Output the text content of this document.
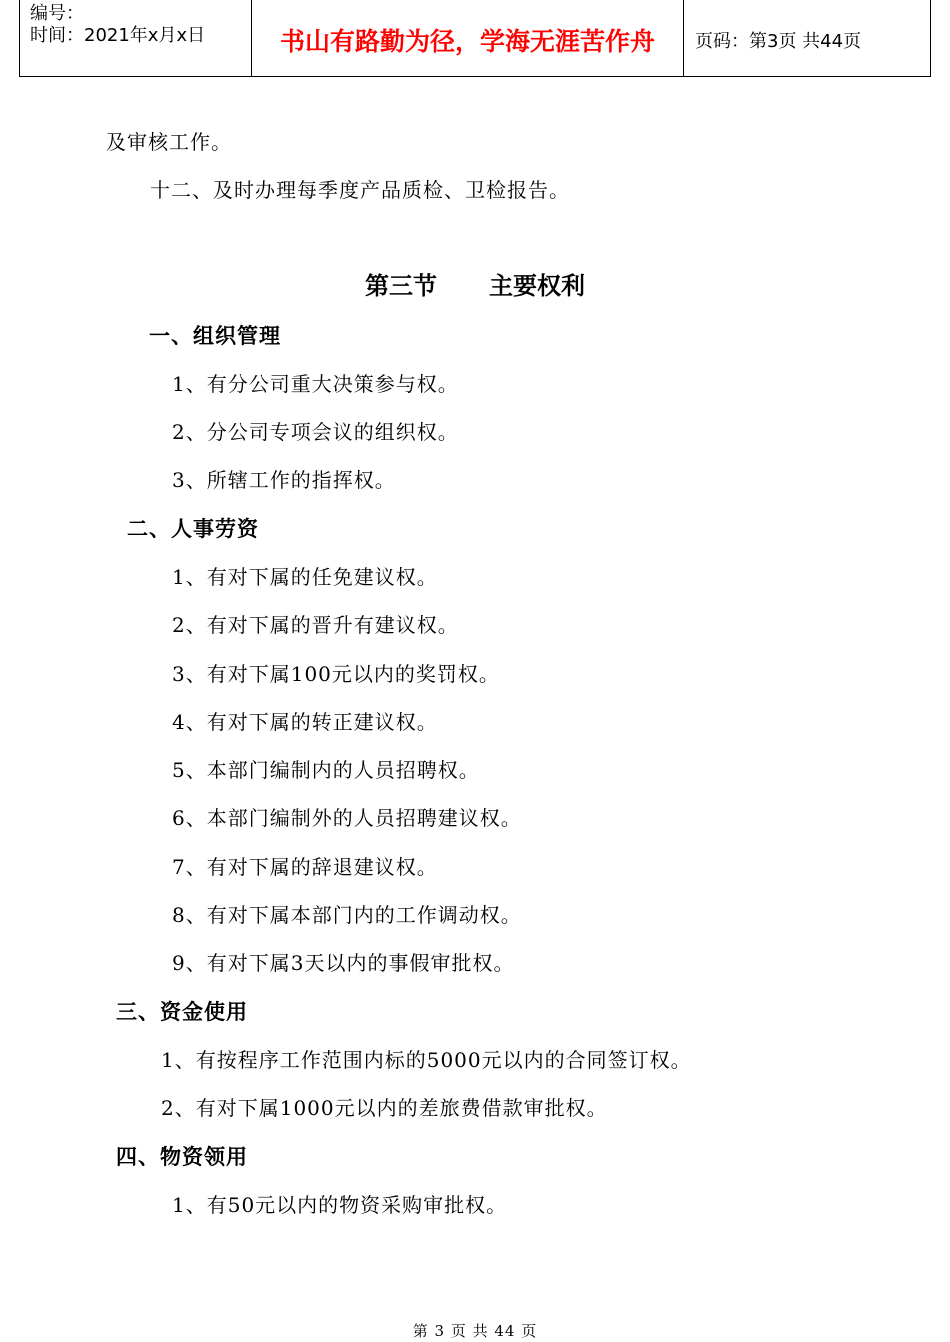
编号：
时间：2021年x月x日	书山有路勤为径，学海无涯苦作舟	页码：第3页 共44页
及审核工作。
十二、及时办理每季度产品质检、卫检报告。
第三节 主要权利
一、组织管理
1、有分公司重大决策参与权。
2、分公司专项会议的组织权。
3、所辖工作的指挥权。
二、人事劳资
1、有对下属的任免建议权。
2、有对下属的晋升有建议权。
3、有对下属100元以内的奖罚权。
4、有对下属的转正建议权。
5、本部门编制内的人员招聘权。
6、本部门编制外的人员招聘建议权。
7、有对下属的辞退建议权。
8、有对下属本部门内的工作调动权。
9、有对下属3天以内的事假审批权。
三、资金使用
1、有按程序工作范围内标的5000元以内的合同签订权。
2、有对下属1000元以内的差旅费借款审批权。
四、物资领用
1、有50元以内的物资采购审批权。
第 3 页 共 44 页
